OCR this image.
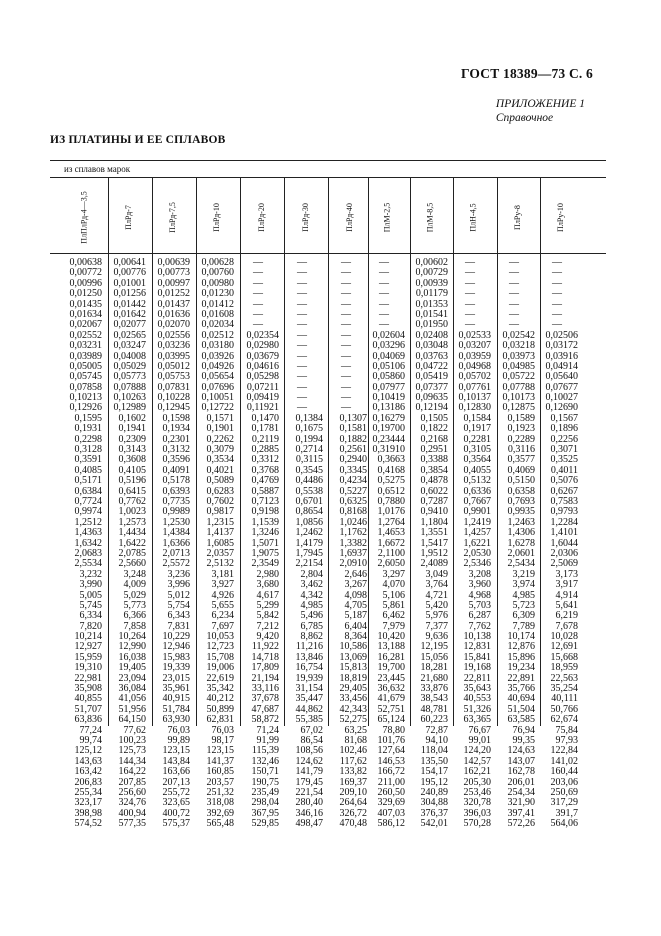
ГОСТ 18389—73 С. 6
ПРИЛОЖЕНИЕ 1
Справочное
ИЗ ПЛАТИНЫ И ЕЕ СПЛАВОВ
из сплавов марок
ПлПлРд-4—3,5
0,00638
0,00772
0,00996
0,01250
0,01435
0,01634
0,02067
0,02552
0,03231
0,03989
0,05005
0,05745
0,07858
0,10213
0,12926
0,1595
0,1931
0,2298
0,3128
0,3591
0,4085
0,5171
0,6384
0,7724
0,9974
1,2512
1,4363
1,6342
2,0683
2,5534
3,232
3,990
5,005
5,745
6,334
7,820
10,214
12,927
15,959
19,310
22,981
35,908
40,855
51,707
63,836
77,24
99,74
125,12
143,63
163,42
206,83
255,34
323,17
398,98
574,52
ПлРд-7
0,00641
0,00776
0,01001
0,01256
0,01442
0,01642
0,02077
0,02565
0,03247
0,04008
0,05029
0,05773
0,07888
0,10263
0,12989
0,1602
0,1941
0,2309
0,3143
0,3608
0,4105
0,5196
0,6415
0,7762
1,0023
1,2573
1,4434
1,6422
2,0785
2,5660
3,248
4,009
5,029
5,773
6,366
7,858
10,264
12,990
16,038
19,405
23,094
36,084
41,056
51,956
64,150
77,62
100,23
125,73
144,34
164,22
207,85
256,60
324,76
400,94
577,35
ПлРд-7,5
0,00639
0,00773
0,00997
0,01252
0,01437
0,01636
0,02070
0,02556
0,03236
0,03995
0,05012
0,05753
0,07831
0,10228
0,12945
0,1598
0,1934
0,2301
0,3132
0,3596
0,4091
0,5178
0,6393
0,7735
0,9989
1,2530
1,4384
1,6366
2,0713
2,5572
3,236
3,996
5,012
5,754
6,343
7,831
10,229
12,946
15,983
19,339
23,015
35,961
40,915
51,784
63,930
76,03
99,89
123,15
143,84
163,66
207,13
255,72
323,65
400,72
575,37
ПлРд-10
0,00628
0,00760
0,00980
0,01230
0,01412
0,01608
0,02034
0,02512
0,03180
0,03926
0,04926
0,05654
0,07696
0,10051
0,12722
0,1571
0,1901
0,2262
0,3079
0,3534
0,4021
0,5089
0,6283
0,7602
0,9817
1,2315
1,4137
1,6085
2,0357
2,5132
3,181
3,927
4,926
5,655
6,234
7,697
10,053
12,723
15,708
19,006
22,619
35,342
40,212
50,899
62,831
76,03
98,17
123,15
141,37
160,85
203,57
251,32
318,08
392,69
565,48
ПлРд-20
—
—
—
—
—
—
—
0,02354
0,02980
0,03679
0,04616
0,05298
0,07211
0,09419
0,11921
0,1470
0,1781
0,2119
0,2885
0,3312
0,3768
0,4769
0,5887
0,7123
0,9198
1,1539
1,3246
1,5071
1,9075
2,3549
2,980
3,680
4,617
5,299
5,842
7,212
9,420
11,922
14,718
17,809
21,194
33,116
37,678
47,687
58,872
71,24
91,99
115,39
132,46
150,71
190,75
235,49
298,04
367,95
529,85
ПлРд-30
—
—
—
—
—
—
—
—
—
—
—
—
—
—
—
0,1384
0,1675
0,1994
0,2714
0,3115
0,3545
0,4486
0,5538
0,6701
0,8654
1,0856
1,2462
1,4179
1,7945
2,2154
2,804
3,462
4,342
4,985
5,496
6,785
8,862
11,216
13,846
16,754
19,939
31,154
35,447
44,862
55,385
67,02
86,54
108,56
124,62
141,79
179,45
221,54
280,40
346,16
498,47
ПлРд-40
—
—
—
—
—
—
—
—
—
—
—
—
—
—
—
0,1307
0,1581
0,1882
0,2561
0,2940
0,3345
0,4234
0,5227
0,6325
0,8168
1,0246
1,1762
1,3382
1,6937
2,0910
2,646
3,267
4,098
4,705
5,187
6,404
8,364
10,586
13,069
15,813
18,819
29,405
33,456
42,343
52,275
63,25
81,68
102,46
117,62
133,82
169,37
209,10
264,64
326,72
470,48
ПлМ-2,5
—
—
—
—
—
—
—
0,02604
0,03296
0,04069
0,05106
0,05860
0,07977
0,10419
0,13186
0,16279
0,19700
0,23444
0,31910
0,3663
0,4168
0,5275
0,6512
0,7880
1,0176
1,2764
1,4653
1,6672
2,1100
2,6050
3,297
4,070
5,106
5,861
6,462
7,979
10,420
13,188
16,281
19,700
23,445
36,632
41,679
52,751
65,124
78,80
101,76
127,64
146,53
166,72
211,00
260,50
329,69
407,03
586,12
ПлМ-8,5
0,00602
0,00729
0,00939
0,01179
0,01353
0,01541
0,01950
0,02408
0,03048
0,03763
0,04722
0,05419
0,07377
0,09635
0,12194
0,1505
0,1822
0,2168
0,2951
0,3388
0,3854
0,4878
0,6022
0,7287
0,9410
1,1804
1,3551
1,5417
1,9512
2,4089
3,049
3,764
4,721
5,420
5,976
7,377
9,636
12,195
15,056
18,281
21,680
33,876
38,543
48,781
60,223
72,87
94,10
118,04
135,50
154,17
195,12
240,89
304,88
376,37
542,01
ПлН-4,5
—
—
—
—
—
—
—
0,02533
0,03207
0,03959
0,04968
0,05702
0,07761
0,10137
0,12830
0,1584
0,1917
0,2281
0,3105
0,3564
0,4055
0,5132
0,6336
0,7667
0,9901
1,2419
1,4257
1,6221
2,0530
2,5346
3,208
3,960
4,968
5,703
6,287
7,762
10,138
12,831
15,841
19,168
22,811
35,643
40,553
51,326
63,365
76,67
99,01
124,20
142,57
162,21
205,30
253,46
320,78
396,03
570,28
ПлРу-8
—
—
—
—
—
—
—
0,02542
0,03218
0,03973
0,04985
0,05722
0,07788
0,10173
0,12875
0,1589
0,1923
0,2289
0,3116
0,3577
0,4069
0,5150
0,6358
0,7693
0,9935
1,2463
1,4306
1,6278
2,0601
2,5434
3,219
3,974
4,985
5,723
6,309
7,789
10,174
12,876
15,896
19,234
22,891
35,766
40,694
51,504
63,585
76,94
99,35
124,63
143,07
162,78
206,01
254,34
321,90
397,41
572,26
ПлРу-10
—
—
—
—
—
—
—
0,02506
0,03172
0,03916
0,04914
0,05640
0,07677
0,10027
0,12690
0,1567
0,1896
0,2256
0,3071
0,3525
0,4011
0,5076
0,6267
0,7583
0,9793
1,2284
1,4101
1,6044
2,0306
2,5069
3,173
3,917
4,914
5,641
6,219
7,678
10,028
12,691
15,668
18,959
22,563
35,254
40,111
50,766
62,674
75,84
97,93
122,84
141,02
160,44
203,06
250,69
317,29
391,7
564,06
